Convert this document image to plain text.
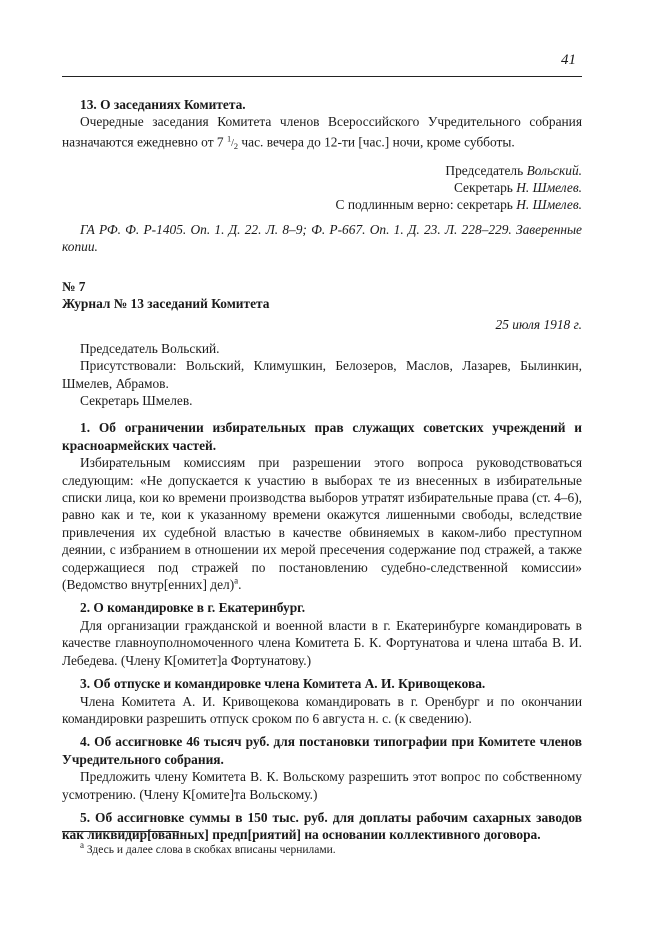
41

13. О заседаниях Комитета.

Очередные заседания Комитета членов Всероссийского Учредительного собрания назначаются ежедневно от 7 $^1/_2$ час. вечера до 12-ти [час.] ночи, кроме субботы.

Председатель Вольский.

Секретарь Н. Шмелев.

С подлинным верно: секретарь Н. Шмелев.

ГА РФ. Ф. Р-1405. Оп. 1. Д. 22. Л. 8–9; Ф. Р-667. Оп. 1. Д. 23. Л. 228–229. Заверенные копии.

№ 7

Журнал № 13 заседаний Комитета

25 июля 1918 г.

Председатель Вольский.

Присутствовали: Вольский, Климушкин, Белозеров, Маслов, Лазарев, Былинкин, Шмелев, Абрамов.

Секретарь Шмелев.

1. Об ограничении избирательных прав служащих советских учреждений и красноармейских частей.

Избирательным комиссиям при разрешении этого вопроса руководствоваться следующим: «Не допускается к участию в выборах те из внесенных в избирательные списки лица, кои ко времени производства выборов утратят избирательные права (ст. 4–6), равно как и те, кои к указанному времени окажутся лишенными свободы, вследствие привлечения их судебной властью в качестве обвиняемых в каком-либо преступном деянии, с избранием в отношении их мерой пресечения содержание под стражей, а также содержащиеся под стражей по постановлению судебно-следственной комиссии» (Ведомство внутр[енних] дел)$^а$.

2. О командировке в г. Екатеринбург.

Для организации гражданской и военной власти в г. Екатеринбурге командировать в качестве главноуполномоченного члена Комитета Б. К. Фортунатова и члена штаба В. И. Лебедева. (Члену К[омитет]а Фортунатову.)

3. Об отпуске и командировке члена Комитета А. И. Кривощекова.

Члена Комитета А. И. Кривощекова командировать в г. Оренбург и по окончании командировки разрешить отпуск сроком по 6 августа н. с. (к сведению).

4. Об ассигновке 46 тысяч руб. для постановки типографии при Комитете членов Учредительного собрания.

Предложить члену Комитета В. К. Вольскому разрешить этот вопрос по собственному усмотрению. (Члену К[омите]та Вольскому.)

5. Об ассигновке суммы в 150 тыс. руб. для доплаты рабочим сахарных заводов как ликвидир[ованных] предп[риятий] на основании коллективного договора.

$^а$ Здесь и далее слова в скобках вписаны чернилами.
